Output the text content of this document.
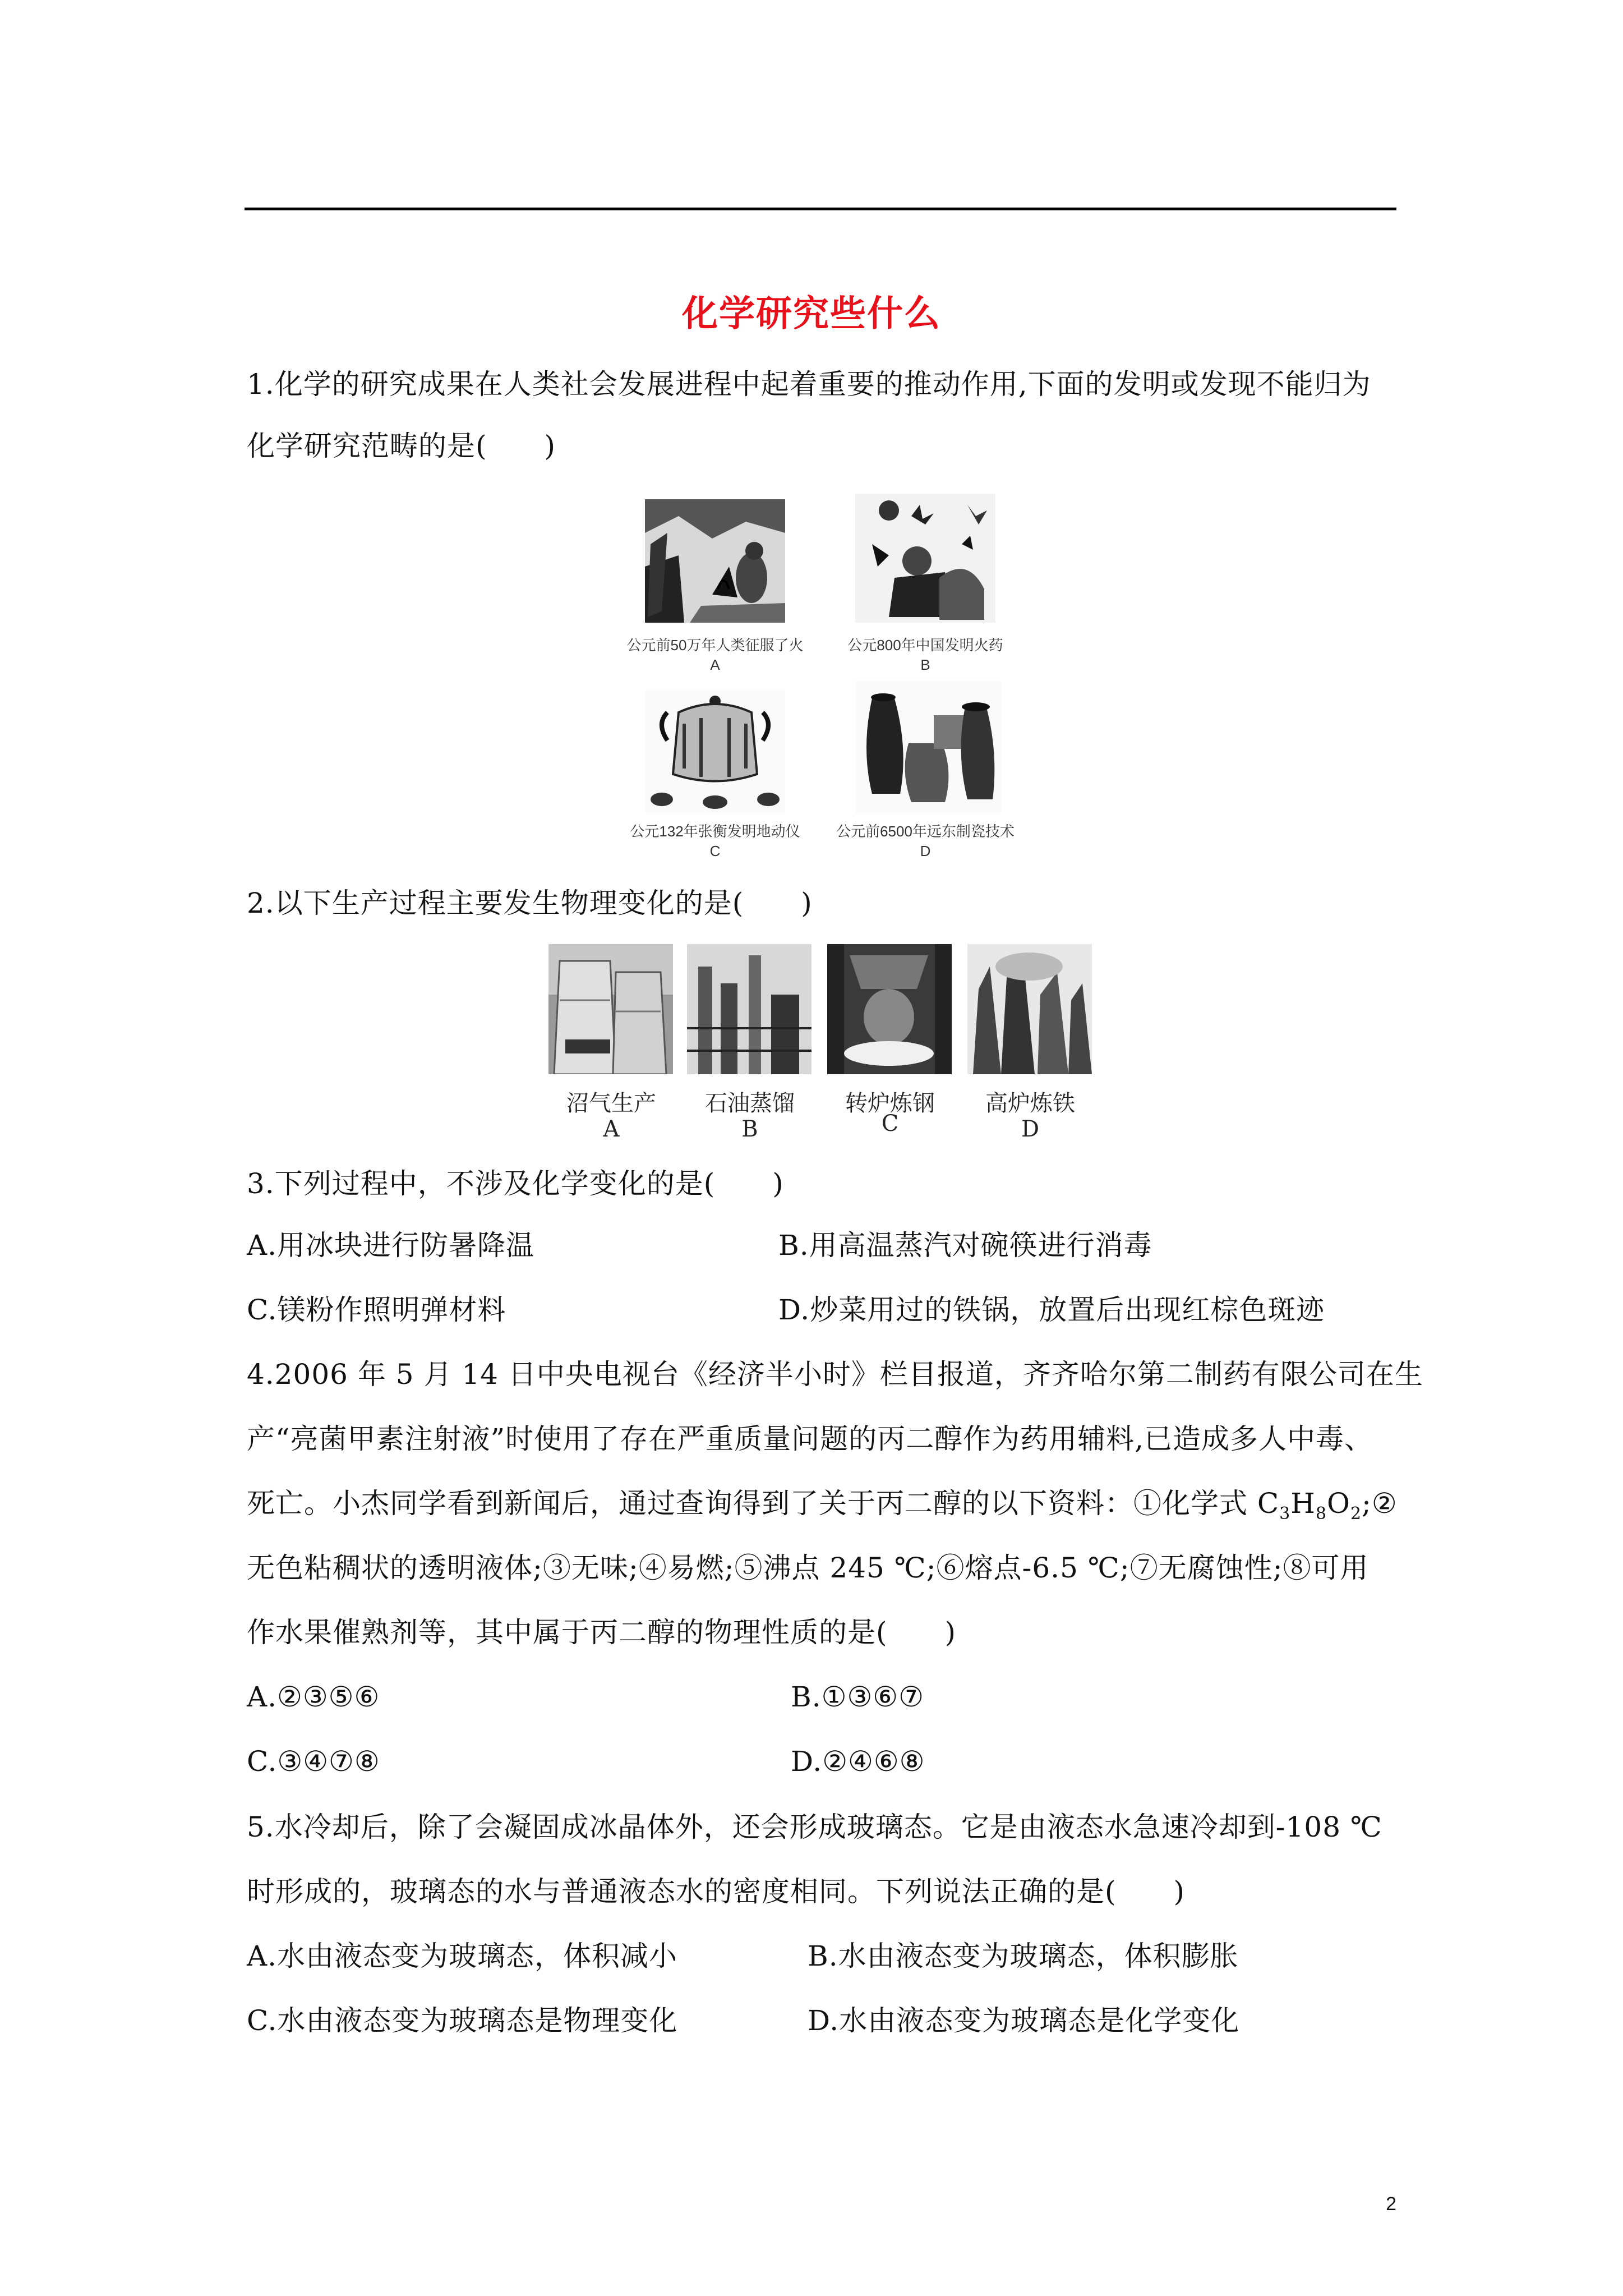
化学研究些什么
1.化学的研究成果在人类社会发展进程中起着重要的推动作用,下面的发明或发现不能归为
化学研究范畴的是(　　)
公元前50万年人类征服了火
A
公元800年中国发明火药
B
公元132年张衡发明地动仪
C
公元前6500年远东制瓷技术
D
2.以下生产过程主要发生物理变化的是(　　)
沼气生产
A
石油蒸馏
B
转炉炼钢
C
高炉炼铁
D
3.下列过程中，不涉及化学变化的是(　　)
A.用冰块进行防暑降温	B.用高温蒸汽对碗筷进行消毒
C.镁粉作照明弹材料	D.炒菜用过的铁锅，放置后出现红棕色斑迹
4.2006 年 5 月 14 日中央电视台《经济半小时》栏目报道，齐齐哈尔第二制药有限公司在生
产“亮菌甲素注射液”时使用了存在严重质量问题的丙二醇作为药用辅料,已造成多人中毒、
死亡。小杰同学看到新闻后，通过查询得到了关于丙二醇的以下资料：①化学式 $C_3H_8O_2;②$
无色粘稠状的透明液体;③无味;④易燃;⑤沸点 245 ℃;⑥熔点-6.5 ℃;⑦无腐蚀性;⑧可用
作水果催熟剂等，其中属于丙二醇的物理性质的是(　　)
A.②③⑤⑥	B.①③⑥⑦
C.③④⑦⑧	D.②④⑥⑧
5.水冷却后，除了会凝固成冰晶体外，还会形成玻璃态。它是由液态水急速冷却到-108 ℃
时形成的，玻璃态的水与普通液态水的密度相同。下列说法正确的是(　　)
A.水由液态变为玻璃态，体积减小	B.水由液态变为玻璃态，体积膨胀
C.水由液态变为玻璃态是物理变化	D.水由液态变为玻璃态是化学变化
2
